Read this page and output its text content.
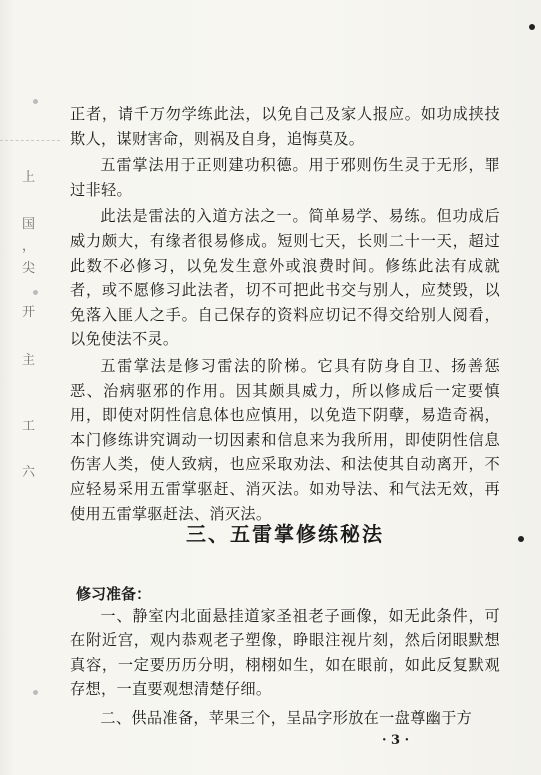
上
国
，
尖
开
主
工
六

正者，请千万勿学练此法，以免自己及家人报应。如功成挟技欺人，谋财害命，则祸及自身，追悔莫及。

五雷掌法用于正则建功积德。用于邪则伤生灵于无形，罪过非轻。

此法是雷法的入道方法之一。简单易学、易练。但功成后威力颇大，有缘者很易修成。短则七天，长则二十一天，超过此数不必修习，以免发生意外或浪费时间。修练此法有成就者，或不愿修习此法者，切不可把此书交与别人，应焚毁，以免落入匪人之手。自己保存的资料应切记不得交给别人阅看，以免使法不灵。

五雷掌法是修习雷法的阶梯。它具有防身自卫、扬善惩恶、治病驱邪的作用。因其颇具威力，所以修成后一定要慎用，即使对阴性信息体也应慎用，以免造下阴孽，易造奇祸，本门修练讲究调动一切因素和信息来为我所用，即使阴性信息伤害人类，使人致病，也应采取劝法、和法使其自动离开，不应轻易采用五雷掌驱赶、消灭法。如劝导法、和气法无效，再使用五雷掌驱赶法、消灭法。

三、五雷掌修练秘法
修习准备：

一、静室内北面悬挂道家圣祖老子画像，如无此条件，可在附近宫，观内恭观老子塑像，睁眼注视片刻，然后闭眼默想真容，一定要历历分明，栩栩如生，如在眼前，如此反复默观存想，一直要观想清楚仔细。

二、供品准备，苹果三个，呈品字形放在一盘尊幽于方

· 3 ·
